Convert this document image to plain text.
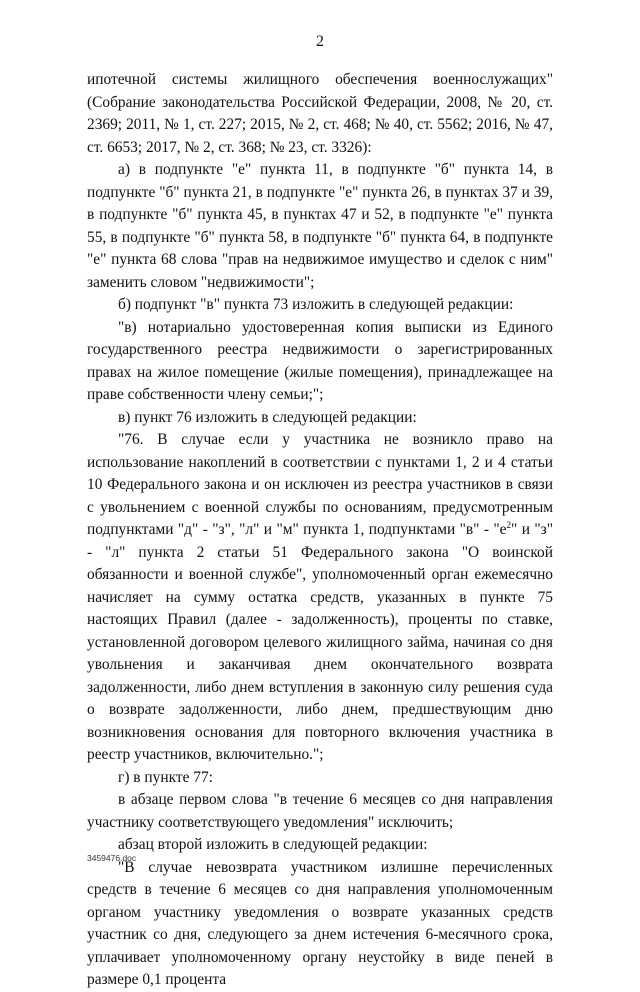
2

ипотечной системы жилищного обеспечения военнослужащих" (Собрание законодательства Российской Федерации, 2008, № 20, ст. 2369; 2011, № 1, ст. 227; 2015, № 2, ст. 468; № 40, ст. 5562; 2016, № 47, ст. 6653; 2017, № 2, ст. 368; № 23, ст. 3326):

а) в подпункте "е" пункта 11, в подпункте "б" пункта 14, в подпункте "б" пункта 21, в подпункте "е" пункта 26, в пунктах 37 и 39, в подпункте "б" пункта 45, в пунктах 47 и 52, в подпункте "е" пункта 55, в подпункте "б" пункта 58, в подпункте "б" пункта 64, в подпункте "е" пункта 68 слова "прав на недвижимое имущество и сделок с ним" заменить словом "недвижимости";

б) подпункт "в" пункта 73 изложить в следующей редакции:

"в) нотариально удостоверенная копия выписки из Единого государственного реестра недвижимости о зарегистрированных правах на жилое помещение (жилые помещения), принадлежащее на праве собственности члену семьи;";

в) пункт 76 изложить в следующей редакции:

"76. В случае если у участника не возникло право на использование накоплений в соответствии с пунктами 1, 2 и 4 статьи 10 Федерального закона и он исключен из реестра участников в связи с увольнением с военной службы по основаниям, предусмотренным подпунктами "д" - "з", "л" и "м" пункта 1, подпунктами "в" - "$е^2$" и "з" - "л" пункта 2 статьи 51 Федерального закона "О воинской обязанности и военной службе", уполномоченный орган ежемесячно начисляет на сумму остатка средств, указанных в пункте 75 настоящих Правил (далее - задолженность), проценты по ставке, установленной договором целевого жилищного займа, начиная со дня увольнения и заканчивая днем окончательного возврата задолженности, либо днем вступления в законную силу решения суда о возврате задолженности, либо днем, предшествующим дню возникновения основания для повторного включения участника в реестр участников, включительно.";

г) в пункте 77:

в абзаце первом слова "в течение 6 месяцев со дня направления участнику соответствующего уведомления" исключить;

абзац второй изложить в следующей редакции:

"В случае невозврата участником излишне перечисленных средств в течение 6 месяцев со дня направления уполномоченным органом участнику уведомления о возврате указанных средств участник со дня, следующего за днем истечения 6-месячного срока, уплачивает уполномоченному органу неустойку в виде пеней в размере 0,1 процента

3459476.doc
